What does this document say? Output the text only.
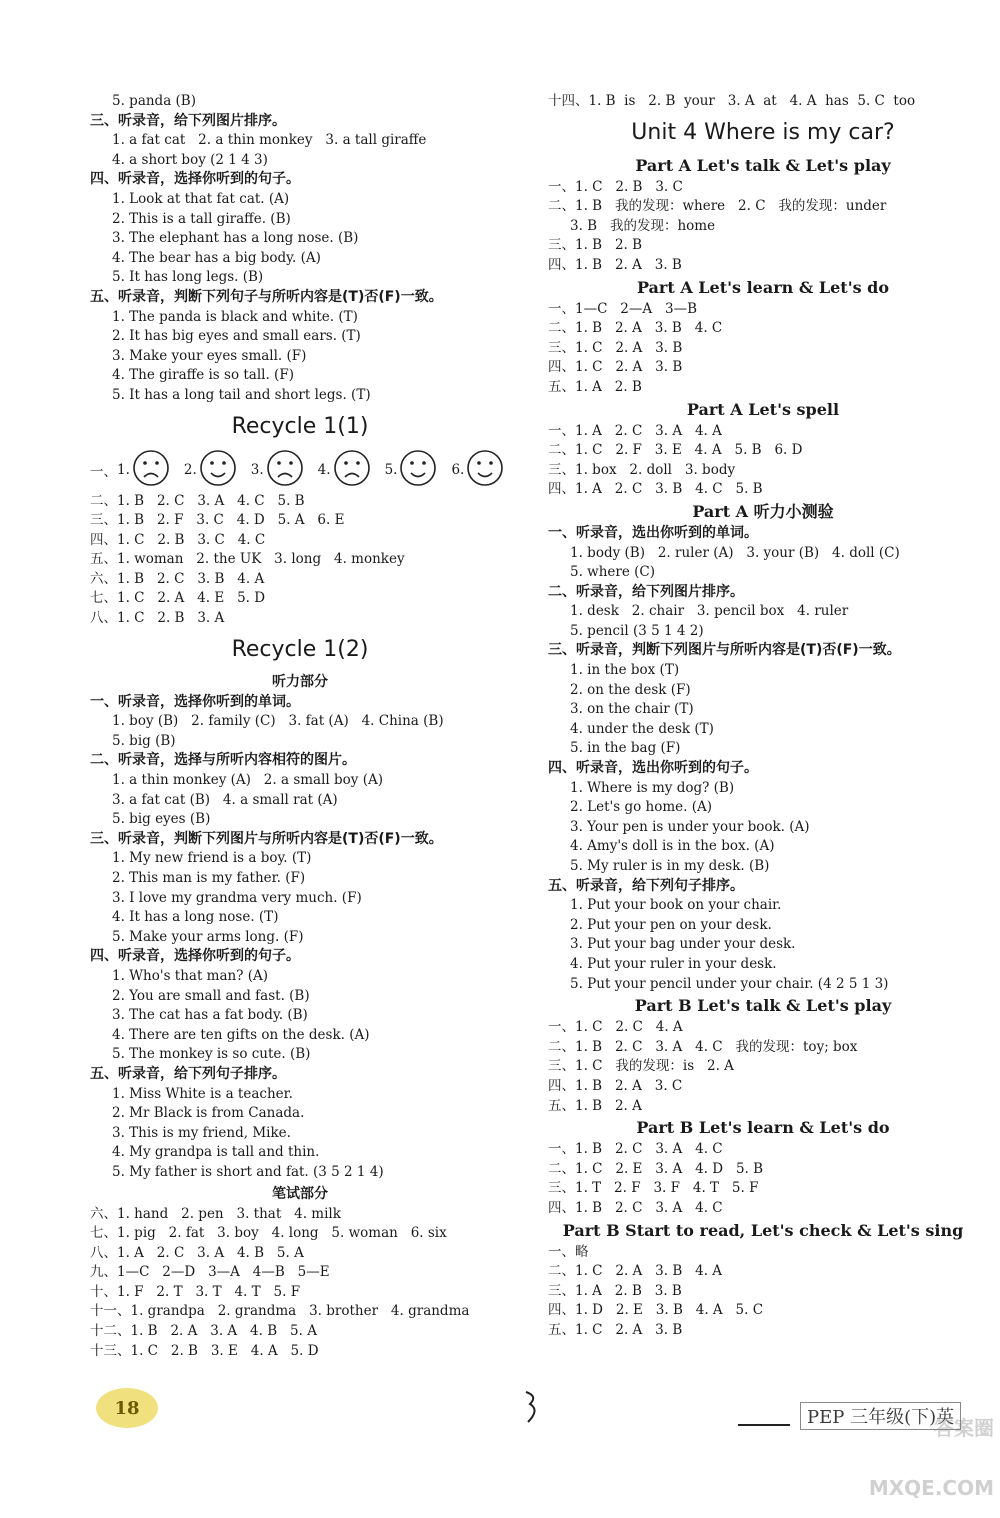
5. panda (B)
三、听录音，给下列图片排序。
1. a fat cat   2. a thin monkey   3. a tall giraffe
4. a short boy (2 1 4 3)
四、听录音，选择你听到的句子。
1. Look at that fat cat. (A)
2. This is a tall giraffe. (B)
3. The elephant has a long nose. (B)
4. The bear has a big body. (A)
5. It has long legs. (B)
五、听录音，判断下列句子与所听内容是(T)否(F)一致。
1. The panda is black and white. (T)
2. It has big eyes and small ears. (T)
3. Make your eyes small. (F)
4. The giraffe is so tall. (F)
5. It has a long tail and short legs. (T)
Recycle 1(1)
一、 1.	2.	3.	4.	5.	6.
二、1. B   2. C   3. A   4. C   5. B
三、1. B   2. F   3. C   4. D   5. A   6. E
四、1. C   2. B   3. C   4. C
五、1. woman   2. the UK   3. long   4. monkey
六、1. B   2. C   3. B   4. A
七、1. C   2. A   4. E   5. D
八、1. C   2. B   3. A
Recycle 1(2)
听力部分
一、听录音，选择你听到的单词。
1. boy (B)   2. family (C)   3. fat (A)   4. China (B)
5. big (B)
二、听录音，选择与所听内容相符的图片。
1. a thin monkey (A)   2. a small boy (A)
3. a fat cat (B)   4. a small rat (A)
5. big eyes (B)
三、听录音，判断下列图片与所听内容是(T)否(F)一致。
1. My new friend is a boy. (T)
2. This man is my father. (F)
3. I love my grandma very much. (F)
4. It has a long nose. (T)
5. Make your arms long. (F)
四、听录音，选择你听到的句子。
1. Who's that man? (A)
2. You are small and fast. (B)
3. The cat has a fat body. (B)
4. There are ten gifts on the desk. (A)
5. The monkey is so cute. (B)
五、听录音，给下列句子排序。
1. Miss White is a teacher.
2. Mr Black is from Canada.
3. This is my friend, Mike.
4. My grandpa is tall and thin.
5. My father is short and fat. (3 5 2 1 4)
笔试部分
六、1. hand   2. pen   3. that   4. milk
七、1. pig   2. fat   3. boy   4. long   5. woman   6. six
八、1. A   2. C   3. A   4. B   5. A
九、1—C   2—D   3—A   4—B   5—E
十、1. F   2. T   3. T   4. T   5. F
十一、1. grandpa   2. grandma   3. brother   4. grandma
十二、1. B   2. A   3. A   4. B   5. A
十三、1. C   2. B   3. E   4. A   5. D
十四、1. B  is   2. B  your   3. A  at   4. A  has  5. C  too
Unit 4 Where is my car?
Part A Let's talk & Let's play
一、1. C   2. B   3. C
二、1. B   我的发现：where   2. C   我的发现：under
3. B   我的发现：home
三、1. B   2. B
四、1. B   2. A   3. B
Part A Let's learn & Let's do
一、1—C   2—A   3—B
二、1. B   2. A   3. B   4. C
三、1. C   2. A   3. B
四、1. C   2. A   3. B
五、1. A   2. B
Part A Let's spell
一、1. A   2. C   3. A   4. A
二、1. C   2. F   3. E   4. A   5. B   6. D
三、1. box   2. doll   3. body
四、1. A   2. C   3. B   4. C   5. B
Part A 听力小测验
一、听录音，选出你听到的单词。
1. body (B)   2. ruler (A)   3. your (B)   4. doll (C)
5. where (C)
二、听录音，给下列图片排序。
1. desk   2. chair   3. pencil box   4. ruler
5. pencil (3 5 1 4 2)
三、听录音，判断下列图片与所听内容是(T)否(F)一致。
1. in the box (T)
2. on the desk (F)
3. on the chair (T)
4. under the desk (T)
5. in the bag (F)
四、听录音，选出你听到的句子。
1. Where is my dog? (B)
2. Let's go home. (A)
3. Your pen is under your book. (A)
4. Amy's doll is in the box. (A)
5. My ruler is in my desk. (B)
五、听录音，给下列句子排序。
1. Put your book on your chair.
2. Put your pen on your desk.
3. Put your bag under your desk.
4. Put your ruler in your desk.
5. Put your pencil under your chair. (4 2 5 1 3)
Part B Let's talk & Let's play
一、1. C   2. C   4. A
二、1. B   2. C   3. A   4. C   我的发现：toy; box
三、1. C   我的发现：is   2. A
四、1. B   2. A   3. C
五、1. B   2. A
Part B Let's learn & Let's do
一、1. B   2. C   3. A   4. C
二、1. C   2. E   3. A   4. D   5. B
三、1. T   2. F   3. F   4. T   5. F
四、1. B   2. C   3. A   4. C
Part B Start to read, Let's check & Let's sing
一、略
二、1. C   2. A   3. B   4. A
三、1. A   2. B   3. B
四、1. D   2. E   3. B   4. A   5. C
五、1. C   2. A   3. B
18	PEP 三年级(下)英
答案圈 MXQE.COM
